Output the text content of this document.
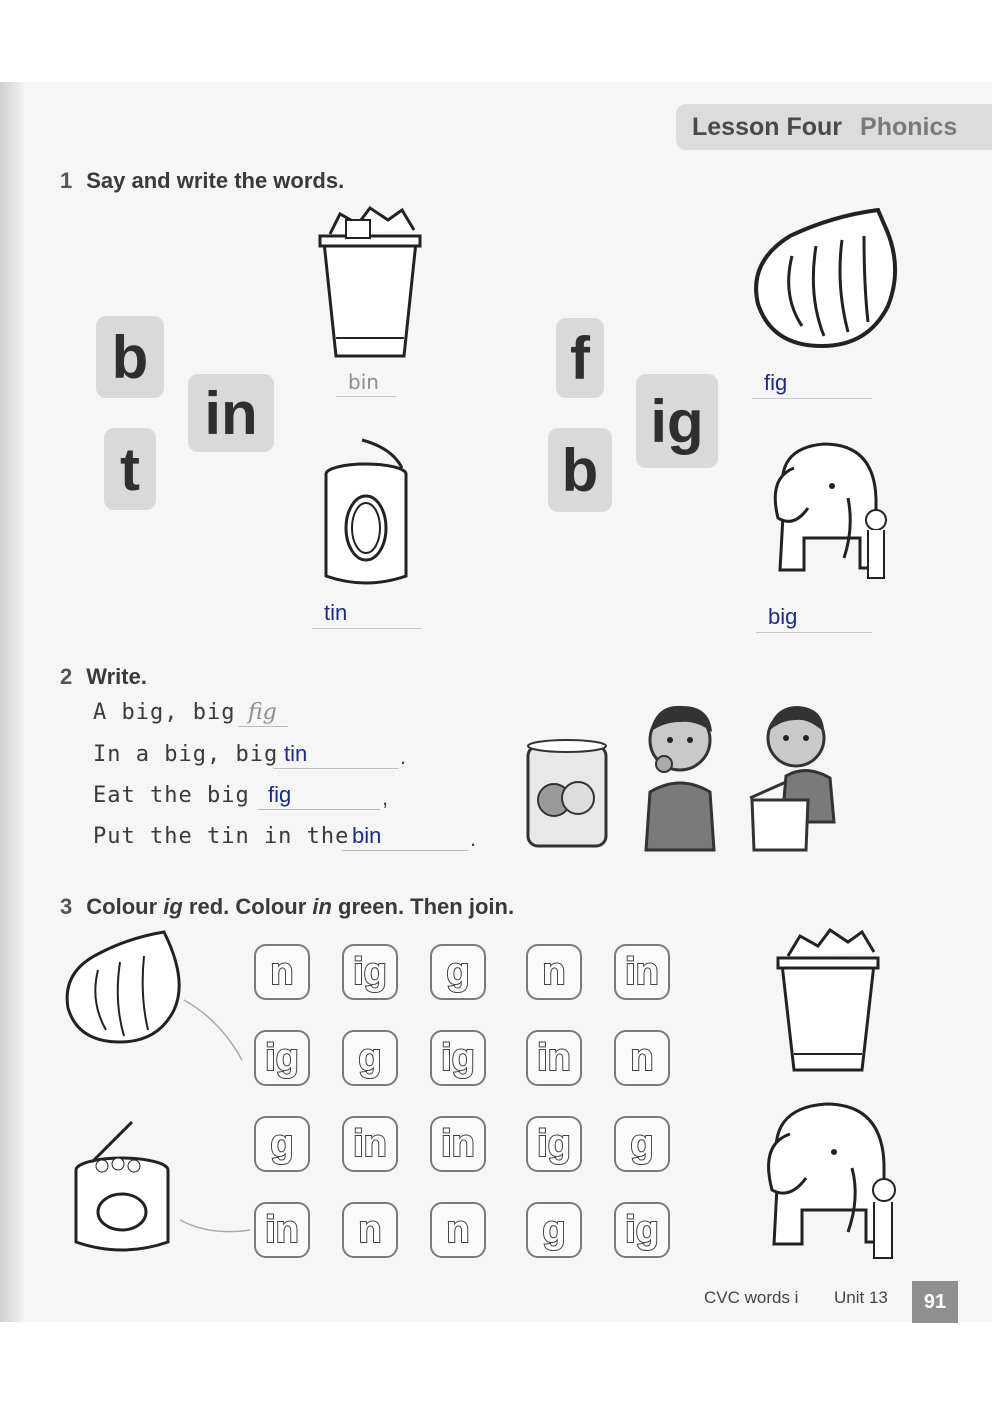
Lesson Four Phonics
1 Say and write the words.
b
t
in
f
b
ig
bin
tin
fig
big
2 Write.
A big, big fig
In a big, big tin	.
Eat the big fig	,
Put the tin in the bin	.
3 Colour ig red. Colour in green. Then join.
n ig g n in
ig g ig in n
g in in ig g
in n n g ig
CVC words i Unit 13	91
